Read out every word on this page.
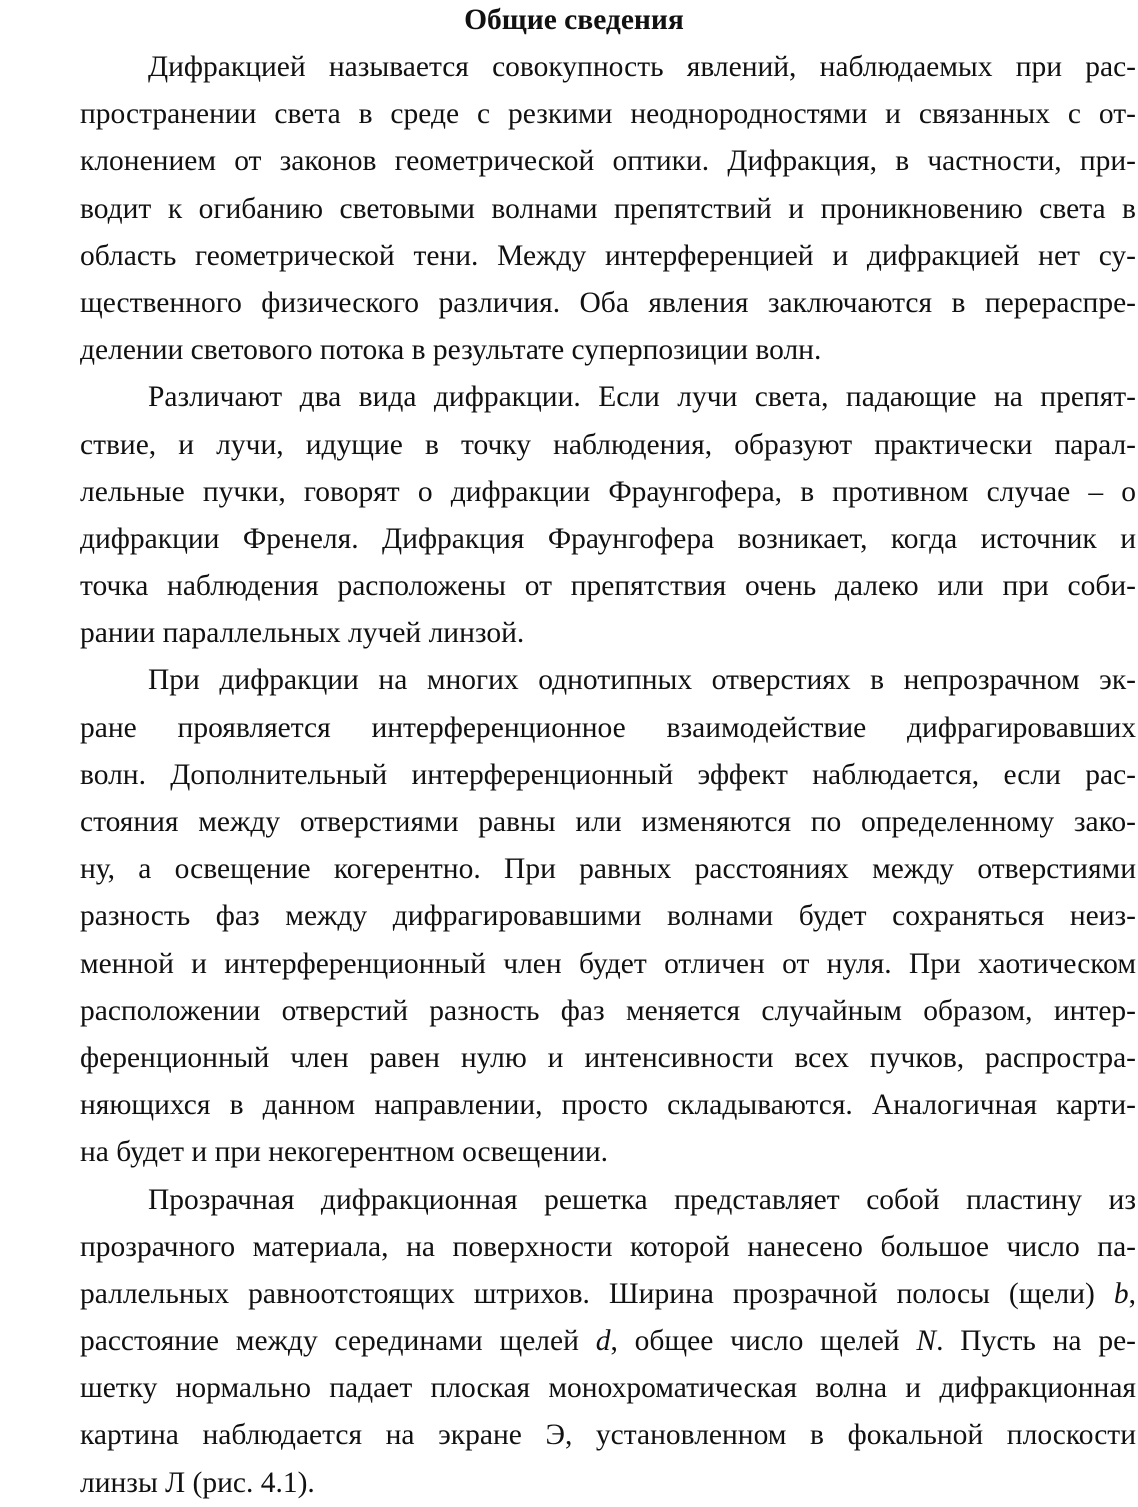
Общие сведения
Дифракцией называется совокупность явлений, наблюдаемых при рас-
пространении света в среде с резкими неоднородностями и связанных с от-
клонением от законов геометрической оптики. Дифракция, в частности, при-
водит к огибанию световыми волнами препятствий и проникновению света в
область геометрической тени. Между интерференцией и дифракцией нет су-
щественного физического различия. Оба явления заключаются в перераспре-
делении светового потока в результате суперпозиции волн.
Различают два вида дифракции. Если лучи света, падающие на препят-
ствие, и лучи, идущие в точку наблюдения, образуют практически парал-
лельные пучки, говорят о дифракции Фраунгофера, в противном случае – о
дифракции Френеля. Дифракция Фраунгофера возникает, когда источник и
точка наблюдения расположены от препятствия очень далеко или при соби-
рании параллельных лучей линзой.
При дифракции на многих однотипных отверстиях в непрозрачном эк-
ране проявляется интерференционное взаимодействие дифрагировавших
волн. Дополнительный интерференционный эффект наблюдается, если рас-
стояния между отверстиями равны или изменяются по определенному зако-
ну, а освещение когерентно. При равных расстояниях между отверстиями
разность фаз между дифрагировавшими волнами будет сохраняться неиз-
менной и интерференционный член будет отличен от нуля. При хаотическом
расположении отверстий разность фаз меняется случайным образом, интер-
ференционный член равен нулю и интенсивности всех пучков, распростра-
няющихся в данном направлении, просто складываются. Аналогичная карти-
на будет и при некогерентном освещении.
Прозрачная дифракционная решетка представляет собой пластину из
прозрачного материала, на поверхности которой нанесено большое число па-
раллельных равноотстоящих штрихов. Ширина прозрачной полосы (щели) b,
расстояние между серединами щелей d, общее число щелей N. Пусть на ре-
шетку нормально падает плоская монохроматическая волна и дифракционная
картина наблюдается на экране Э, установленном в фокальной плоскости
линзы Л (рис. 4.1).
